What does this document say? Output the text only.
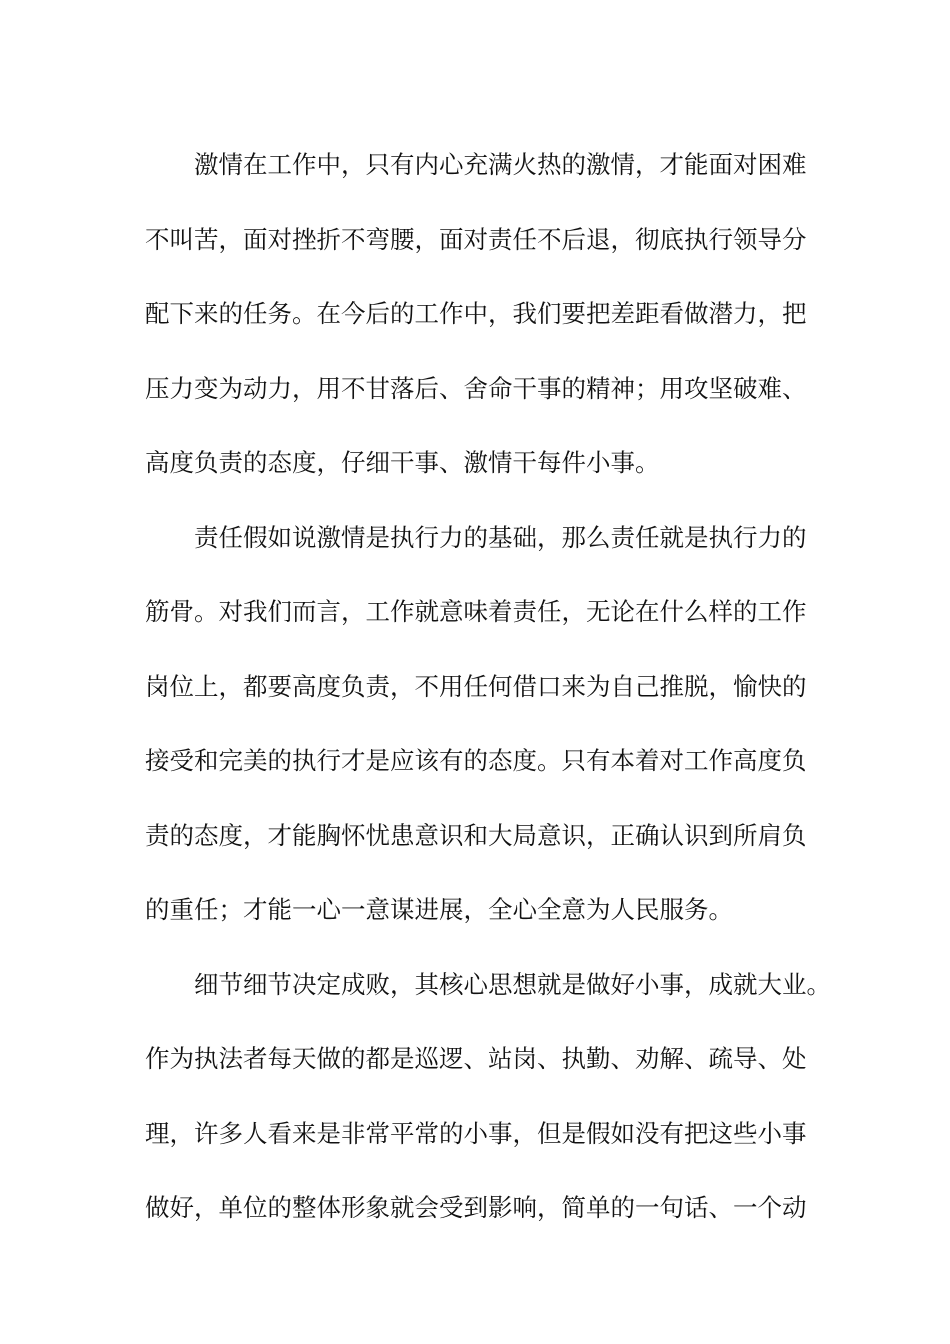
激情在工作中，只有内心充满火热的激情，才能面对困难
不叫苦，面对挫折不弯腰，面对责任不后退，彻底执行领导分
配下来的任务。在今后的工作中，我们要把差距看做潜力，把
压力变为动力，用不甘落后、舍命干事的精神；用攻坚破难、
高度负责的态度，仔细干事、激情干每件小事。
责任假如说激情是执行力的基础，那么责任就是执行力的
筋骨。对我们而言，工作就意味着责任，无论在什么样的工作
岗位上，都要高度负责，不用任何借口来为自己推脱，愉快的
接受和完美的执行才是应该有的态度。只有本着对工作高度负
责的态度，才能胸怀忧患意识和大局意识，正确认识到所肩负
的重任；才能一心一意谋进展，全心全意为人民服务。
细节细节决定成败，其核心思想就是做好小事，成就大业。
作为执法者每天做的都是巡逻、站岗、执勤、劝解、疏导、处
理，许多人看来是非常平常的小事，但是假如没有把这些小事
做好，单位的整体形象就会受到影响，简单的一句话、一个动
